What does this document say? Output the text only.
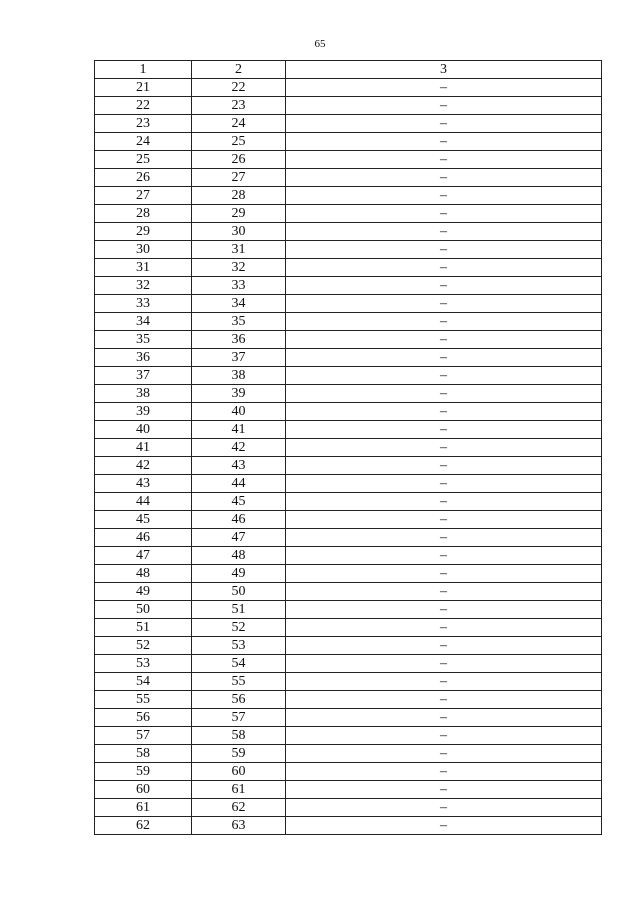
65
1	2	3
21	22	–
22	23	–
23	24	–
24	25	–
25	26	–
26	27	–
27	28	–
28	29	–
29	30	–
30	31	–
31	32	–
32	33	–
33	34	–
34	35	–
35	36	–
36	37	–
37	38	–
38	39	–
39	40	–
40	41	–
41	42	–
42	43	–
43	44	–
44	45	–
45	46	–
46	47	–
47	48	–
48	49	–
49	50	–
50	51	–
51	52	–
52	53	–
53	54	–
54	55	–
55	56	–
56	57	–
57	58	–
58	59	–
59	60	–
60	61	–
61	62	–
62	63	–
